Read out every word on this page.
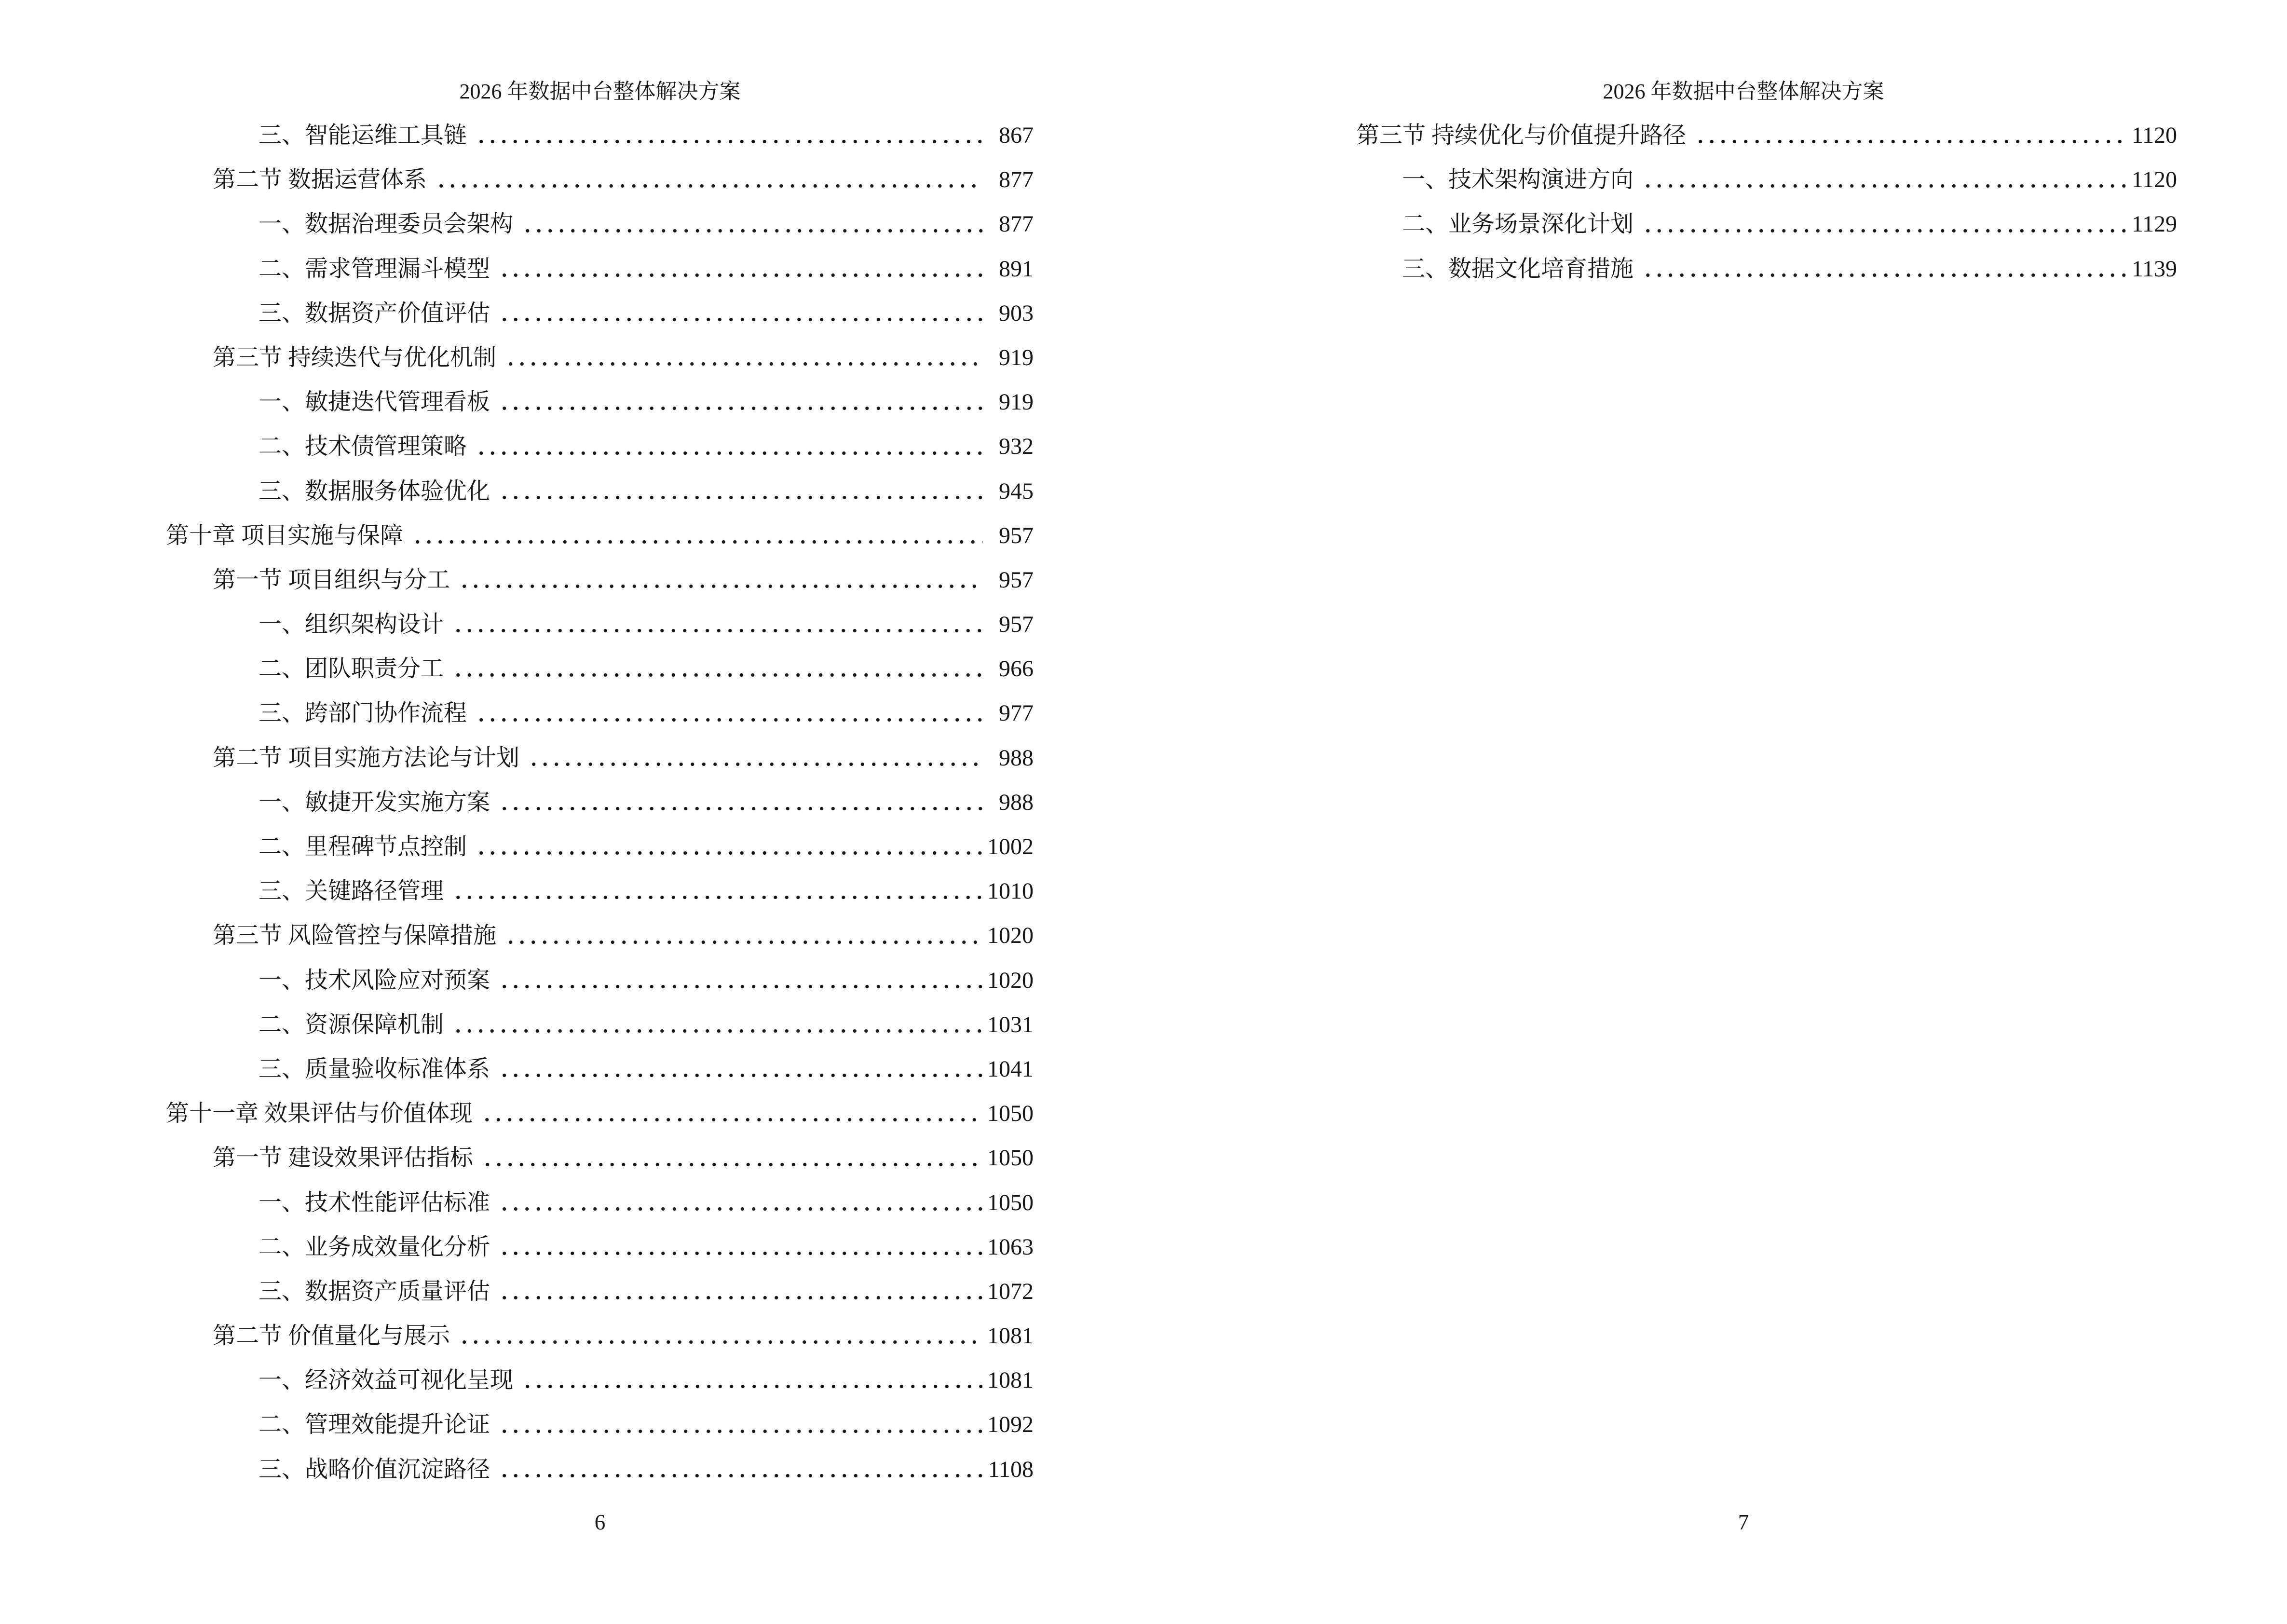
2026 年数据中台整体解决方案
三、智能运维工具链	867
第二节 数据运营体系	877
一、数据治理委员会架构	877
二、需求管理漏斗模型	891
三、数据资产价值评估	903
第三节 持续迭代与优化机制	919
一、敏捷迭代管理看板	919
二、技术债管理策略	932
三、数据服务体验优化	945
第十章 项目实施与保障	957
第一节 项目组织与分工	957
一、组织架构设计	957
二、团队职责分工	966
三、跨部门协作流程	977
第二节 项目实施方法论与计划	988
一、敏捷开发实施方案	988
二、里程碑节点控制	1002
三、关键路径管理	1010
第三节 风险管控与保障措施	1020
一、技术风险应对预案	1020
二、资源保障机制	1031
三、质量验收标准体系	1041
第十一章 效果评估与价值体现	1050
第一节 建设效果评估指标	1050
一、技术性能评估标准	1050
二、业务成效量化分析	1063
三、数据资产质量评估	1072
第二节 价值量化与展示	1081
一、经济效益可视化呈现	1081
二、管理效能提升论证	1092
三、战略价值沉淀路径	1108
6
2026 年数据中台整体解决方案
第三节 持续优化与价值提升路径	1120
一、技术架构演进方向	1120
二、业务场景深化计划	1129
三、数据文化培育措施	1139
7
